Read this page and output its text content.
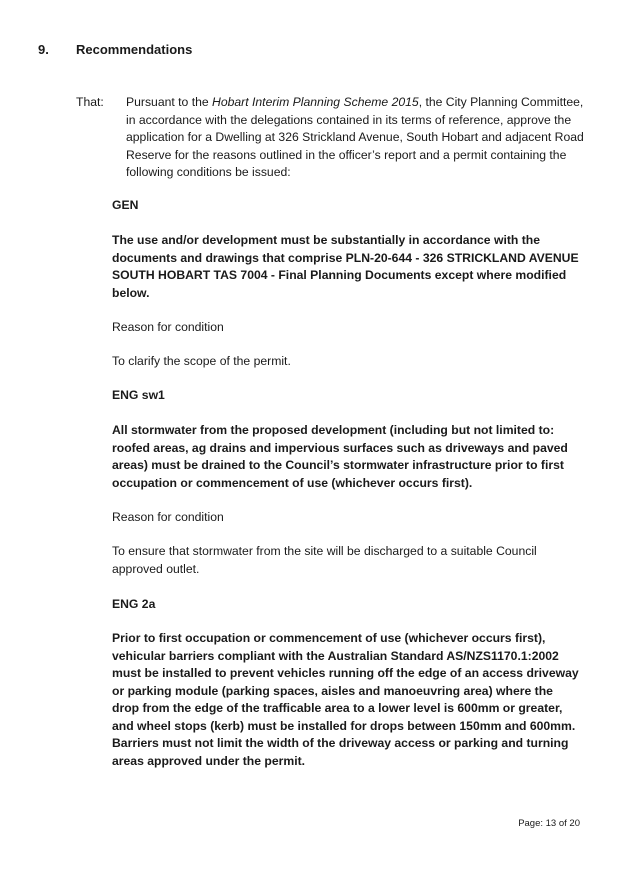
9. Recommendations
That: Pursuant to the Hobart Interim Planning Scheme 2015, the City Planning Committee, in accordance with the delegations contained in its terms of reference, approve the application for a Dwelling at 326 Strickland Avenue, South Hobart and adjacent Road Reserve for the reasons outlined in the officer’s report and a permit containing the following conditions be issued:
GEN
The use and/or development must be substantially in accordance with the documents and drawings that comprise PLN-20-644 - 326 STRICKLAND AVENUE SOUTH HOBART TAS 7004 - Final Planning Documents except where modified below.
Reason for condition
To clarify the scope of the permit.
ENG sw1
All stormwater from the proposed development (including but not limited to: roofed areas, ag drains and impervious surfaces such as driveways and paved areas) must be drained to the Council’s stormwater infrastructure prior to first occupation or commencement of use (whichever occurs first).
Reason for condition
To ensure that stormwater from the site will be discharged to a suitable Council approved outlet.
ENG 2a
Prior to first occupation or commencement of use (whichever occurs first), vehicular barriers compliant with the Australian Standard AS/NZS1170.1:2002 must be installed to prevent vehicles running off the edge of an access driveway or parking module (parking spaces, aisles and manoeuvring area) where the drop from the edge of the trafficable area to a lower level is 600mm or greater, and wheel stops (kerb) must be installed for drops between 150mm and 600mm. Barriers must not limit the width of the driveway access or parking and turning areas approved under the permit.
Page: 13 of 20
